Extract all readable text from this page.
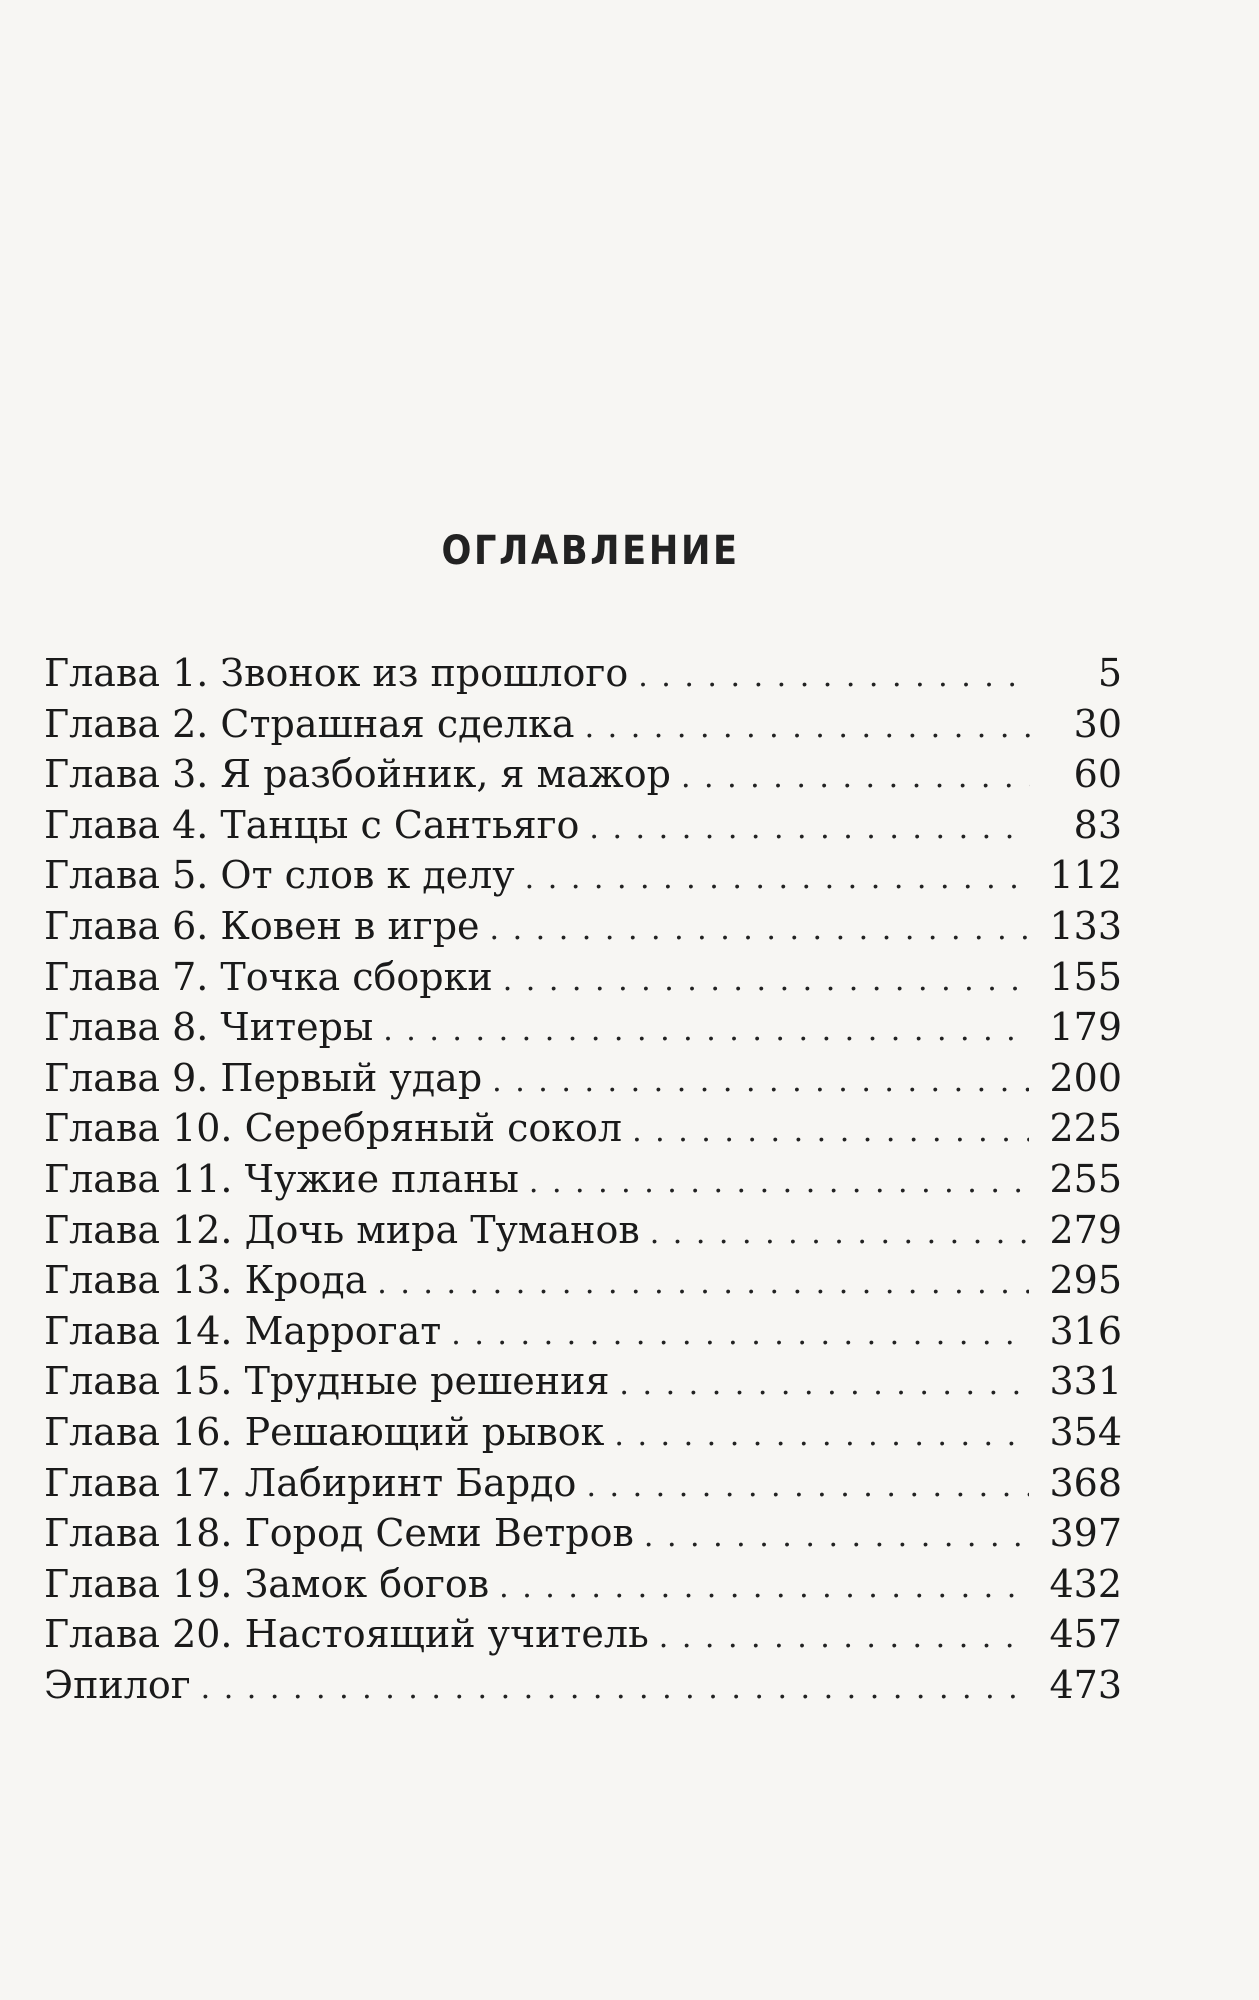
ОГЛАВЛЕНИЕ
Глава 1. Звонок из прошлого . . .	5
Глава 2. Страшная сделка . . .	30
Глава 3. Я разбойник, я мажор . . .	60
Глава 4. Танцы с Сантьяго . . .	83
Глава 5. От слов к делу . . .	112
Глава 6. Ковен в игре . . .	133
Глава 7. Точка сборки . . .	155
Глава 8. Читеры . . .	179
Глава 9. Первый удар . . .	200
Глава 10. Серебряный сокол . . .	225
Глава 11. Чужие планы . . .	255
Глава 12. Дочь мира Туманов . . .	279
Глава 13. Крода . . .	295
Глава 14. Маррогат . . .	316
Глава 15. Трудные решения . . .	331
Глава 16. Решающий рывок . . .	354
Глава 17. Лабиринт Бардо . . .	368
Глава 18. Город Семи Ветров . . .	397
Глава 19. Замок богов . . .	432
Глава 20. Настоящий учитель . . .	457
Эпилог . . .	473
